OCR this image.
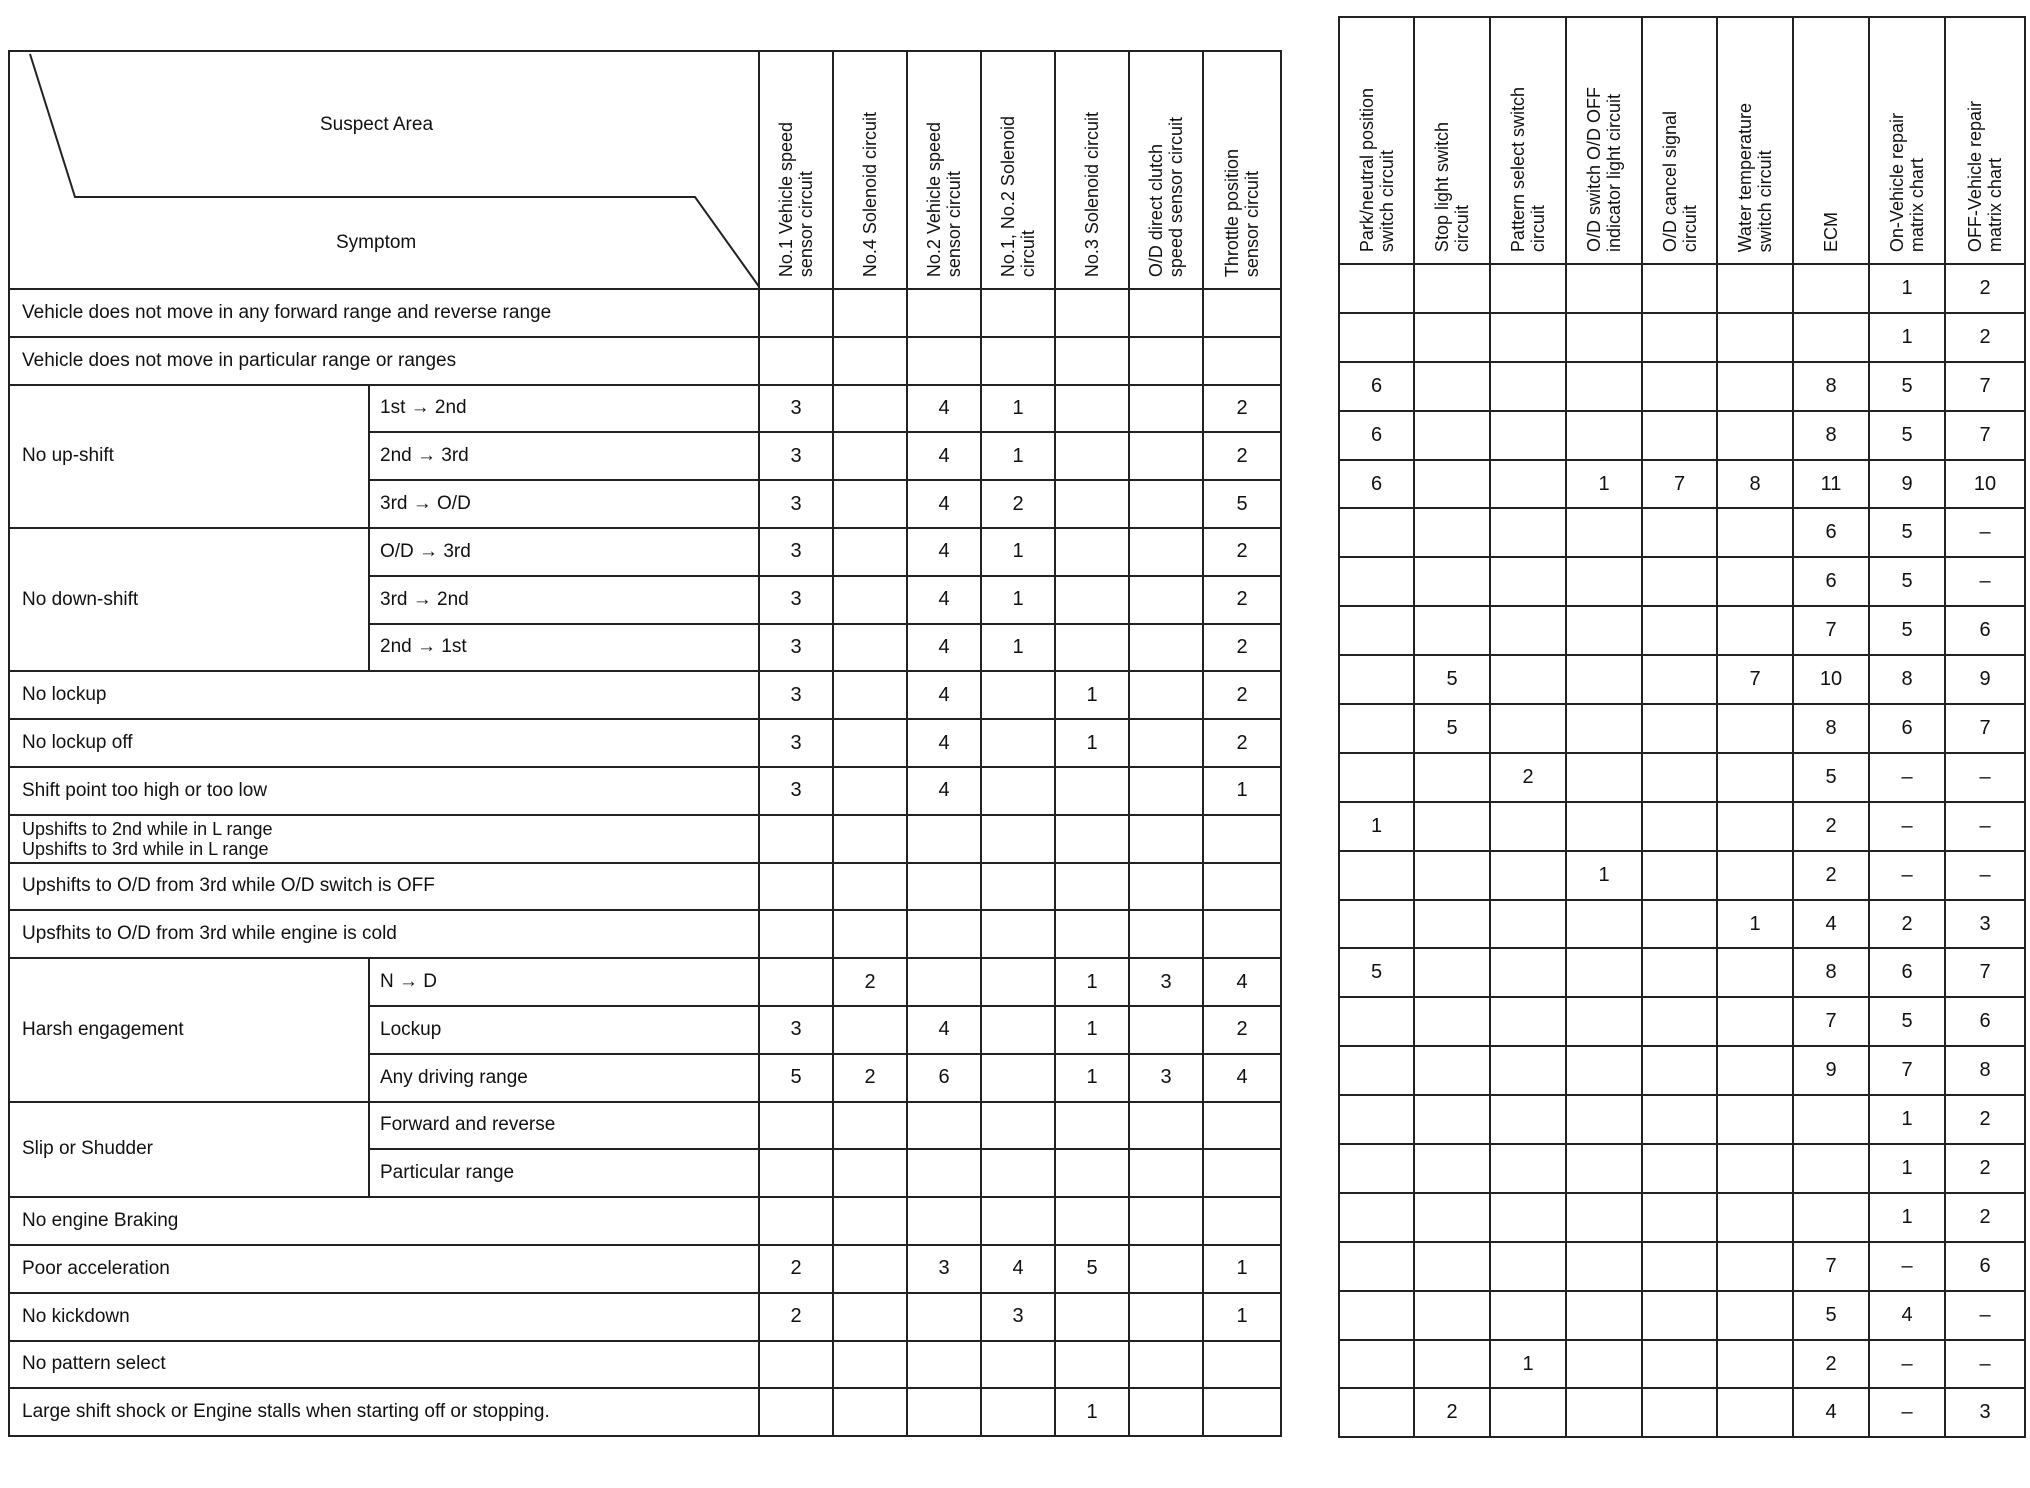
Suspect Area
Symptom		No.1 Vehicle speed
sensor circuit	No.4 Solenoid circuit	No.2 Vehicle speed
sensor circuit	No.1, No.2 Solenoid
circuit	No.3 Solenoid circuit	O/D direct clutch
speed sensor circuit	Throttle position
sensor circuit
Vehicle does not move in any forward range and reverse range								
Vehicle does not move in particular range or ranges								
No up-shift	1st → 2nd	3		4	1			2
	2nd → 3rd	3		4	1			2
	3rd → O/D	3		4	2			5
No down-shift	O/D → 3rd	3		4	1			2
	3rd → 2nd	3		4	1			2
	2nd → 1st	3		4	1			2
No lockup		3		4		1		2
No lockup off		3		4		1		2
Shift point too high or too low		3		4				1
Upshifts to 2nd while in L range
Upshifts to 3rd while in L range								
Upshifts to O/D from 3rd while O/D switch is OFF								
Upsfhits to O/D from 3rd while engine is cold								
Harsh engagement	N → D		2			1	3	4
	Lockup	3		4		1		2
	Any driving range	5	2	6		1	3	4
Slip or Shudder	Forward and reverse							
	Particular range							
No engine Braking								
Poor acceleration		2		3	4	5		1
No kickdown		2			3			1
No pattern select								
Large shift shock or Engine stalls when starting off or stopping.						1		
Park/neutral position
switch circuit	Stop light switch
circuit	Pattern select switch
circuit	O/D switch O/D OFF
indicator light circuit	O/D cancel signal
circuit	Water temperature
switch circuit	ECM	On-Vehicle repair
matrix chart	OFF-Vehicle repair
matrix chart
							1	2
							1	2
6						8	5	7
6						8	5	7
6			1	7	8	11	9	10
						6	5	–
						6	5	–
						7	5	6
	5				7	10	8	9
	5					8	6	7
		2				5	–	–
1						2	–	–
			1			2	–	–
					1	4	2	3
5						8	6	7
						7	5	6
						9	7	8
							1	2
							1	2
							1	2
						7	–	6
						5	4	–
		1				2	–	–
	2					4	–	3
